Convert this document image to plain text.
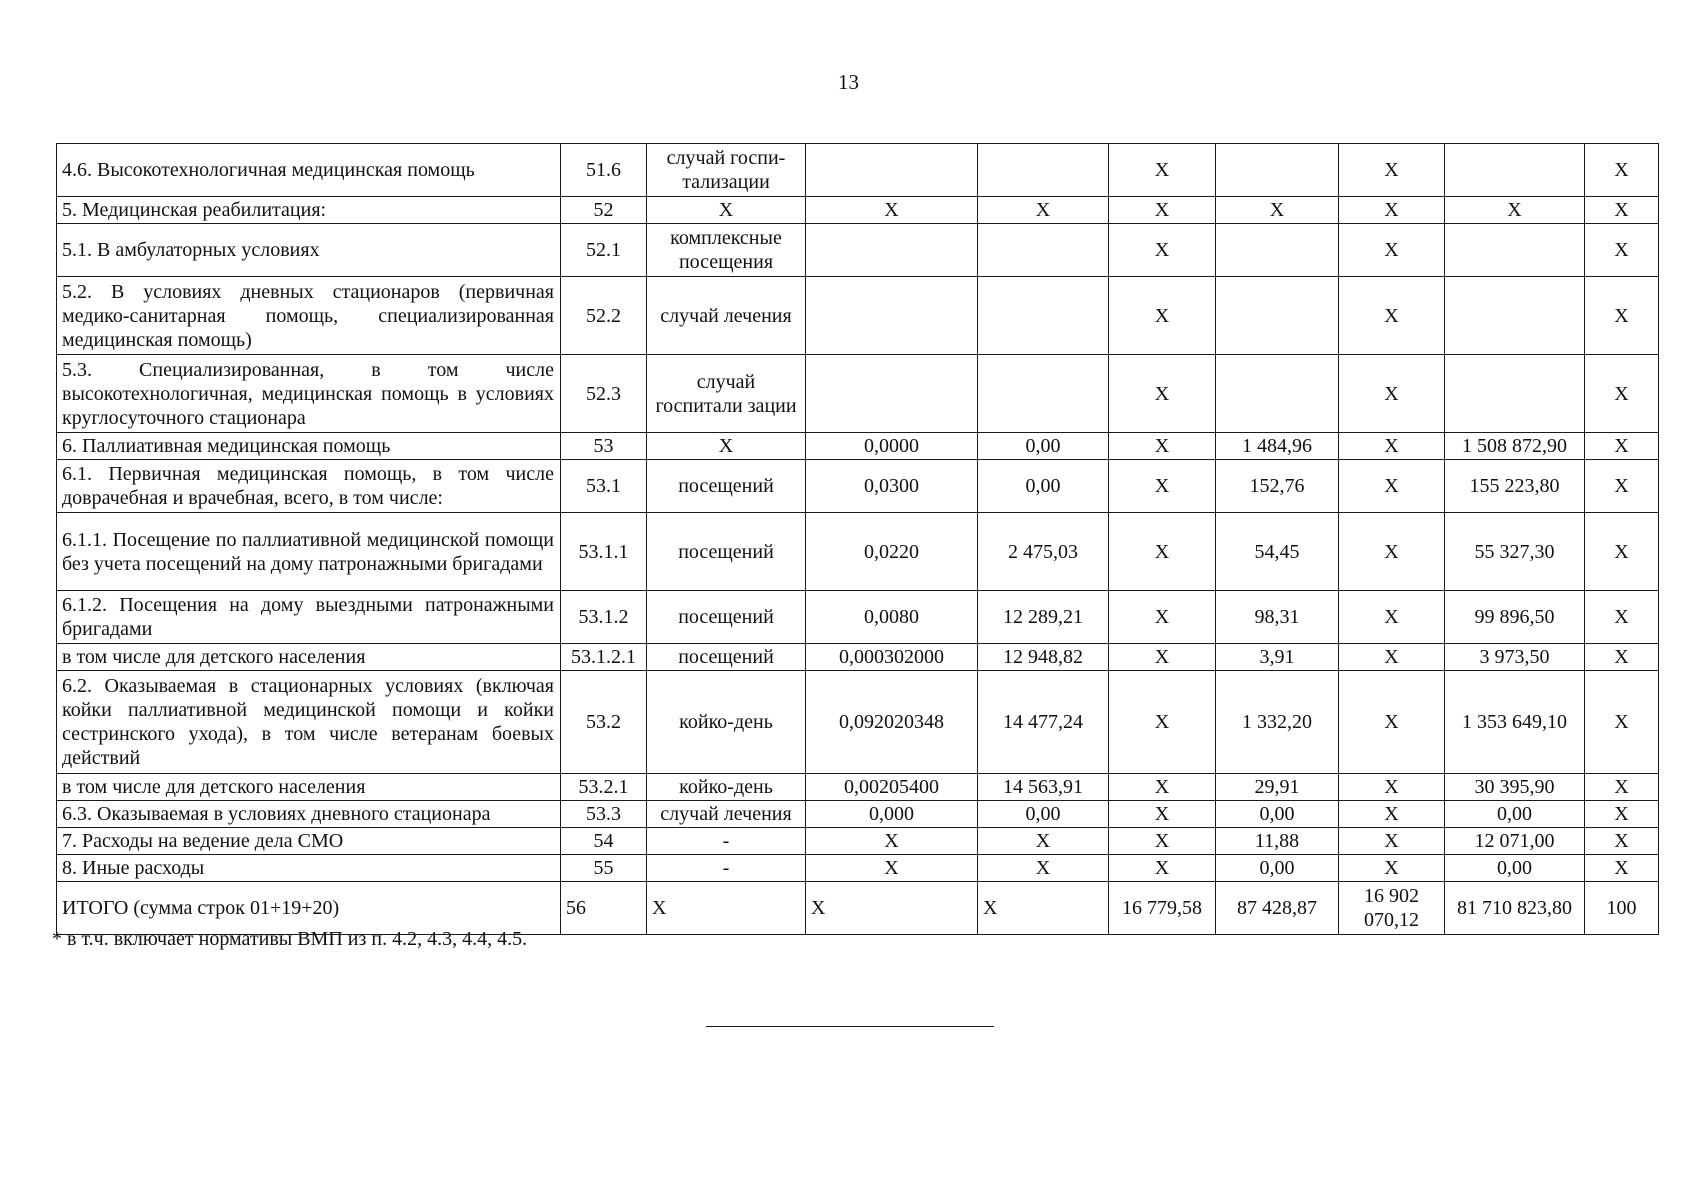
13
4.6. Высокотехнологичная медицинская помощь	51.6	случай госпи-тализации			X		X		X
5. Медицинская реабилитация:	52	X	X	X	X	X	X	X	X
5.1. В амбулаторных условиях	52.1	комплексные посещения			X		X		X
5.2. В условиях дневных стационаров (первичная медико-санитарная помощь, специализированная медицинская помощь)	52.2	случай лечения			X		X		X
5.3. Специализированная, в том числе высокотехнологичная, медицинская помощь в условиях круглосуточного стационара	52.3	случай госпитали зации			X		X		X
6. Паллиативная медицинская помощь	53	X	0,0000	0,00	X	1 484,96	X	1 508 872,90	X
6.1. Первичная медицинская помощь, в том числе доврачебная и врачебная, всего, в том числе:	53.1	посещений	0,0300	0,00	X	152,76	X	155 223,80	X
6.1.1. Посещение по паллиативной медицинской помощи без учета посещений на дому патронажными бригадами	53.1.1	посещений	0,0220	2 475,03	X	54,45	X	55 327,30	X
6.1.2. Посещения на дому выездными патронажными бригадами	53.1.2	посещений	0,0080	12 289,21	X	98,31	X	99 896,50	X
в том числе для детского населения	53.1.2.1	посещений	0,000302000	12 948,82	X	3,91	X	3 973,50	X
6.2. Оказываемая в стационарных условиях (включая койки паллиативной медицинской помощи и койки сестринского ухода), в том числе ветеранам боевых действий	53.2	койко-день	0,092020348	14 477,24	X	1 332,20	X	1 353 649,10	X
в том числе для детского населения	53.2.1	койко-день	0,00205400	14 563,91	X	29,91	X	30 395,90	X
6.3. Оказываемая в условиях дневного стационара	53.3	случай лечения	0,000	0,00	X	0,00	X	0,00	X
7. Расходы на ведение дела СМО	54	-	X	X	X	11,88	X	12 071,00	X
8. Иные расходы	55	-	X	X	X	0,00	X	0,00	X
ИТОГО (сумма строк 01+19+20)	56	X	X	X	16 779,58	87 428,87	16 902 070,12	81 710 823,80	100
* в т.ч. включает нормативы ВМП из п. 4.2, 4.3, 4.4, 4.5.
